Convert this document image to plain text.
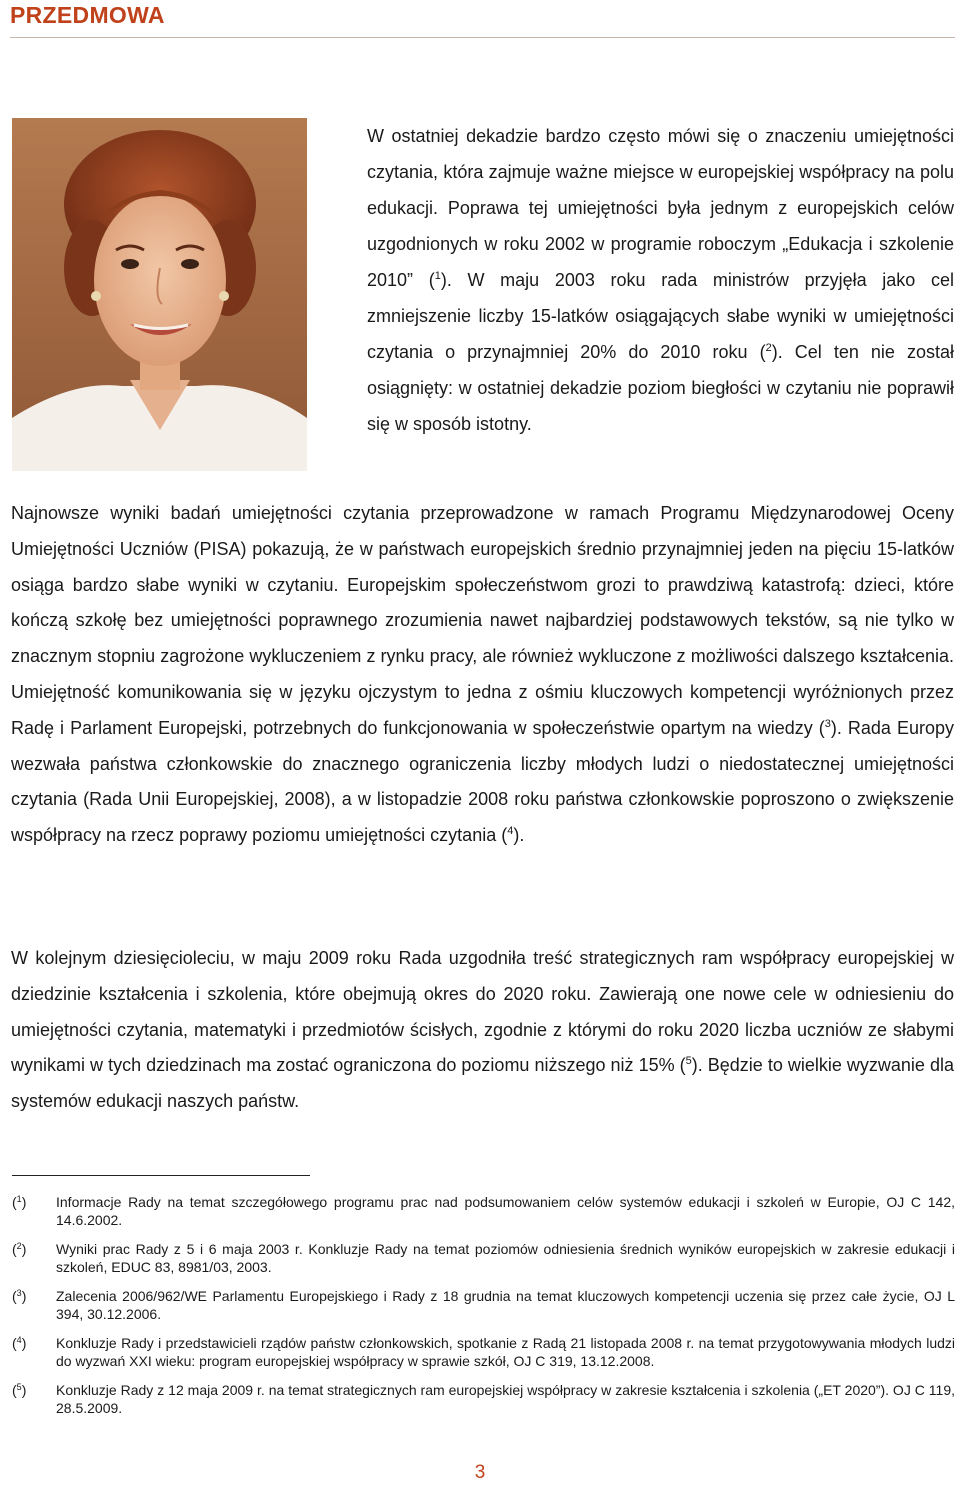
PRZEDMOWA

W ostatniej dekadzie bardzo często mówi się o znaczeniu umiejętności czytania, która zajmuje ważne miejsce w europejskiej współpracy na polu edukacji. Poprawa tej umiejętności była jednym z europejskich celów uzgodnionych w roku 2002 w programie roboczym „Edukacja i szkolenie 2010” ($^1$). W maju 2003 roku rada ministrów przyjęła jako cel zmniejszenie liczby 15-latków osiągających słabe wyniki w umiejętności czytania o przynajmniej 20% do 2010 roku ($^2$). Cel ten nie został osiągnięty: w ostatniej dekadzie poziom biegłości w czytaniu nie poprawił się w sposób istotny.

Najnowsze wyniki badań umiejętności czytania przeprowadzone w ramach Programu Międzynarodowej Oceny Umiejętności Uczniów (PISA) pokazują, że w państwach europejskich średnio przynajmniej jeden na pięciu 15-latków osiąga bardzo słabe wyniki w czytaniu. Europejskim społeczeństwom grozi to prawdziwą katastrofą: dzieci, które kończą szkołę bez umiejętności poprawnego zrozumienia nawet najbardziej podstawowych tekstów, są nie tylko w znacznym stopniu zagrożone wykluczeniem z rynku pracy, ale również wykluczone z możliwości dalszego kształcenia. Umiejętność komunikowania się w języku ojczystym to jedna z ośmiu kluczowych kompetencji wyróżnionych przez Radę i Parlament Europejski, potrzebnych do funkcjonowania w społeczeństwie opartym na wiedzy ($^3$). Rada Europy wezwała państwa członkowskie do znacznego ograniczenia liczby młodych ludzi o niedostatecznej umiejętności czytania (Rada Unii Europejskiej, 2008), a w listopadzie 2008 roku państwa członkowskie poproszono o zwiększenie współpracy na rzecz poprawy poziomu umiejętności czytania ($^4$).

W kolejnym dziesięcioleciu, w maju 2009 roku Rada uzgodniła treść strategicznych ram współpracy europejskiej w dziedzinie kształcenia i szkolenia, które obejmują okres do 2020 roku. Zawierają one nowe cele w odniesieniu do umiejętności czytania, matematyki i przedmiotów ścisłych, zgodnie z którymi do roku 2020 liczba uczniów ze słabymi wynikami w tych dziedzinach ma zostać ograniczona do poziomu niższego niż 15% ($^5$). Będzie to wielkie wyzwanie dla systemów edukacji naszych państw.

($^1$) Informacje Rady na temat szczegółowego programu prac nad podsumowaniem celów systemów edukacji i szkoleń w Europie, OJ C 142, 14.6.2002.
($^2$) Wyniki prac Rady z 5 i 6 maja 2003 r. Konkluzje Rady na temat poziomów odniesienia średnich wyników europejskich w zakresie edukacji i szkoleń, EDUC 83, 8981/03, 2003.
($^3$) Zalecenia 2006/962/WE Parlamentu Europejskiego i Rady z 18 grudnia na temat kluczowych kompetencji uczenia się przez całe życie, OJ L 394, 30.12.2006.
($^4$) Konkluzje Rady i przedstawicieli rządów państw członkowskich, spotkanie z Radą 21 listopada 2008 r. na temat przygotowywania młodych ludzi do wyzwań XXI wieku: program europejskiej współpracy w sprawie szkół, OJ C 319, 13.12.2008.
($^5$) Konkluzje Rady z 12 maja 2009 r. na temat strategicznych ram europejskiej współpracy w zakresie kształcenia i szkolenia („ET 2020”). OJ C 119, 28.5.2009.
3
